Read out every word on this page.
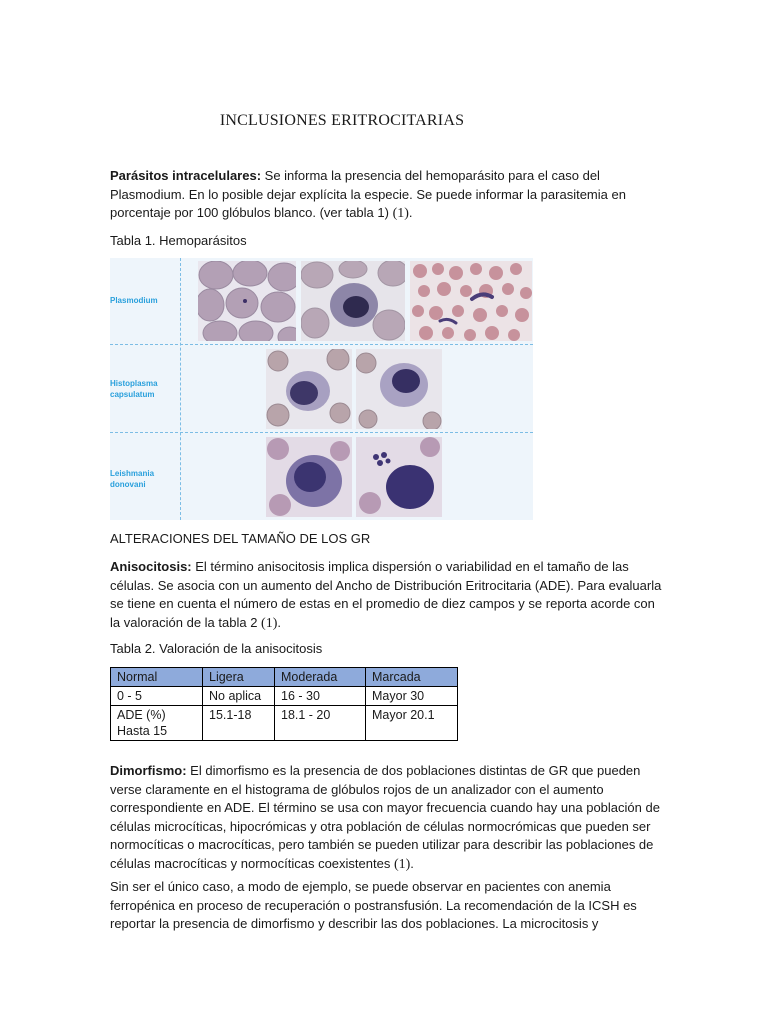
INCLUSIONES ERITROCITARIAS

Parásitos intracelulares: Se informa la presencia del hemoparásito para el caso del Plasmodium. En lo posible dejar explícita la especie. Se puede informar la parasitemia en porcentaje por 100 glóbulos blanco. (ver tabla 1) (1).

Tabla 1. Hemoparásitos

Plasmodium
Histoplasma
capsulatum
Leishmania
donovani

ALTERACIONES DEL TAMAÑO DE LOS GR

Anisocitosis: El término anisocitosis implica dispersión o variabilidad en el tamaño de las células. Se asocia con un aumento del Ancho de Distribución Eritrocitaria (ADE). Para evaluarla se tiene en cuenta el número de estas en el promedio de diez campos y se reporta acorde con la valoración de la tabla 2 (1).

Tabla 2. Valoración de la anisocitosis

Normal	Ligera	Moderada	Marcada
0 - 5	No aplica	16 - 30	Mayor 30

ADE (%)
Hasta 15	15.1-18	18.1 - 20	Mayor 20.1

Dimorfismo: El dimorfismo es la presencia de dos poblaciones distintas de GR que pueden verse claramente en el histograma de glóbulos rojos de un analizador con el aumento correspondiente en ADE. El término se usa con mayor frecuencia cuando hay una población de células microcíticas, hipocrómicas y otra población de células normocrómicas que pueden ser normocíticas o macrocíticas, pero también se pueden utilizar para describir las poblaciones de células macrocíticas y normocíticas coexistentes (1).

Sin ser el único caso, a modo de ejemplo, se puede observar en pacientes con anemia ferropénica en proceso de recuperación o postransfusión. La recomendación de la ICSH es reportar la presencia de dimorfismo y describir las dos poblaciones. La microcitosis y
